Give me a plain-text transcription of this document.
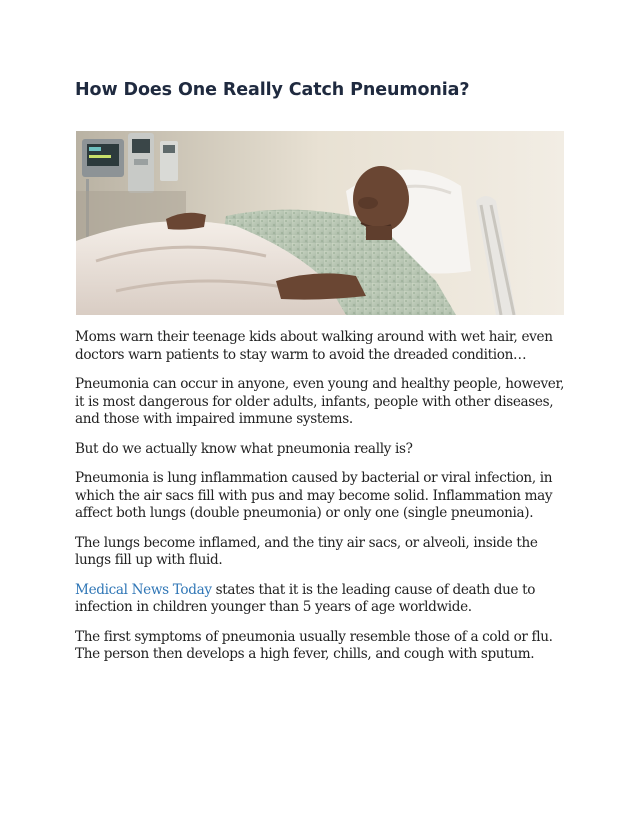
How Does One Really Catch Pneumonia?

Moms warn their teenage kids about walking around with wet hair, even doctors warn patients to stay warm to avoid the dreaded condition…

Pneumonia can occur in anyone, even young and healthy people, however, it is most dangerous for older adults, infants, people with other diseases, and those with impaired immune systems.

But do we actually know what pneumonia really is?

Pneumonia is lung inflammation caused by bacterial or viral infection, in which the air sacs fill with pus and may become solid. Inflammation may affect both lungs (double pneumonia) or only one (single pneumonia).

The lungs become inflamed, and the tiny air sacs, or alveoli, inside the lungs fill up with fluid.

Medical News Today states that it is the leading cause of death due to infection in children younger than 5 years of age worldwide.

The first symptoms of pneumonia usually resemble those of a cold or flu. The person then develops a high fever, chills, and cough with sputum.
